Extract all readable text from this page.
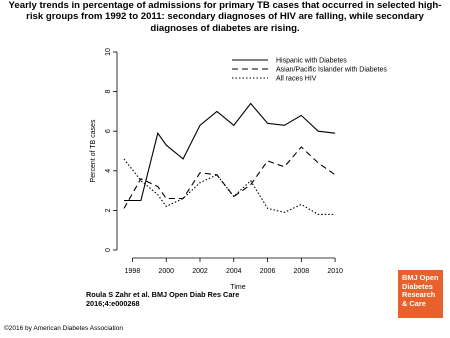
Yearly trends in percentage of admissions for primary TB cases that occurred in selected high-
risk groups from 1992 to 2011: secondary diagnoses of HIV are falling, while secondary
diagnoses of diabetes are rising.
1998	2000	2002	2004	2006	2008	2010
Time
0
2
4
6
8
10
Percent of TB cases
Hispanic with Diabetes
Asian/Pacific Islander with Diabetes
All races HIV
Roula S Zahr et al. BMJ Open Diab Res Care
2016;4:e000268
BMJ Open
Diabetes
Research
& Care
©2016 by American Diabetes Association
